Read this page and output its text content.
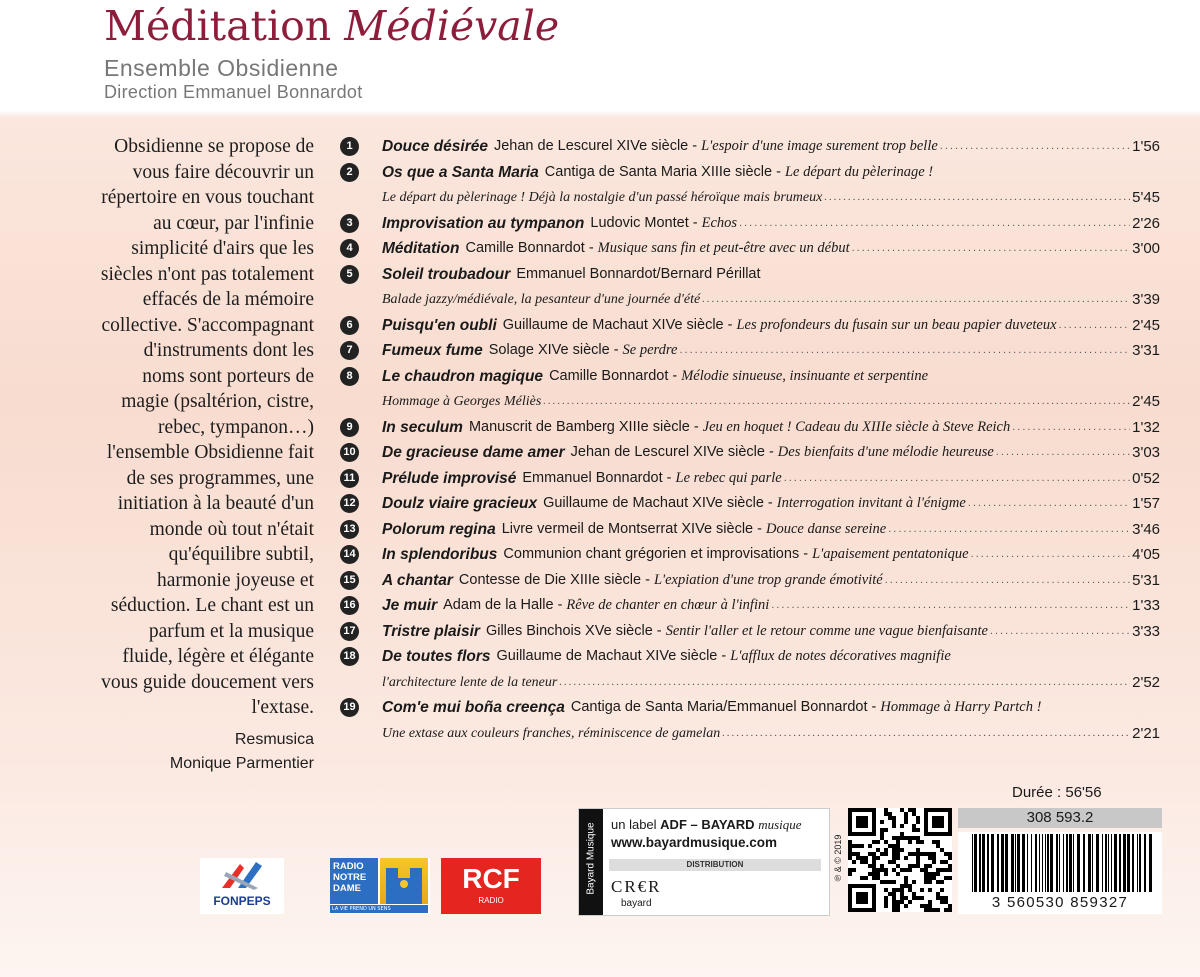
Méditation Médiévale
Ensemble Obsidienne
Direction Emmanuel Bonnardot

Obsidienne se propose de vous faire découvrir un répertoire en vous touchant au cœur, par l'infinie simplicité d'airs que les siècles n'ont pas totalement effacés de la mémoire collective. S'accompagnant d'instruments dont les noms sont porteurs de magie (psaltérion, cistre, rebec, tympanon…) l'ensemble Obsidienne fait de ses programmes, une initiation à la beauté d'un monde où tout n'était qu'équilibre subtil, harmonie joyeuse et séduction. Le chant est un parfum et la musique fluide, légère et élégante vous guide doucement vers l'extase.

Resmusica
Monique Parmentier
1	Douce désirée Jehan de Lescurel XIVe siècle - L'espoir d'une image surement trop belle .....	1'56
2	Os que a Santa Maria Cantiga de Santa Maria XIIIe siècle - Le départ du pèlerinage !
Le départ du pèlerinage ! Déjà la nostalgie d'un passé héroïque mais brumeux .....	5'45
3	Improvisation au tympanon Ludovic Montet - Echos .....	2'26
4	Méditation Camille Bonnardot - Musique sans fin et peut-être avec un début .....	3'00
5	Soleil troubadour Emmanuel Bonnardot/Bernard Périllat
Balade jazzy/médiévale, la pesanteur d'une journée d'été .....	3'39
6	Puisqu'en oubli Guillaume de Machaut XIVe siècle - Les profondeurs du fusain sur un beau papier duveteux .....	2'45
7	Fumeux fume Solage XIVe siècle - Se perdre .....	3'31
8	Le chaudron magique Camille Bonnardot - Mélodie sinueuse, insinuante et serpentine
Hommage à Georges Méliès .....	2'45
9	In seculum Manuscrit de Bamberg XIIIe siècle - Jeu en hoquet ! Cadeau du XIIIe siècle à Steve Reich .....	1'32
10 De gracieuse dame amer Jehan de Lescurel XIVe siècle - Des bienfaits d'une mélodie heureuse .....	3'03
11 Prélude improvisé Emmanuel Bonnardot - Le rebec qui parle .....	0'52
12 Doulz viaire gracieux Guillaume de Machaut XIVe siècle - Interrogation invitant à l'énigme .....	1'57
13 Polorum regina Livre vermeil de Montserrat XIVe siècle - Douce danse sereine .....	3'46
14 In splendoribus Communion chant grégorien et improvisations - L'apaisement pentatonique .....	4'05
15 A chantar Contesse de Die XIIIe siècle - L'expiation d'une trop grande émotivité .....	5'31
16 Je muir Adam de la Halle - Rêve de chanter en chœur à l'infini .....	1'33
17 Tristre plaisir Gilles Binchois XVe siècle - Sentir l'aller et le retour comme une vague bienfaisante .....	3'33
18 De toutes flors Guillaume de Machaut XIVe siècle - L'afflux de notes décoratives magnifie
l'architecture lente de la teneur .....	2'52
19 Com'e mui boña creença Cantiga de Santa Maria/Emmanuel Bonnardot - Hommage à Harry Partch !
Une extase aux couleurs franches, réminiscence de gamelan .....	2'21
Durée : 56'56
FONPEPS
RADIO NOTRE DAME
LA VIE PREND UN SENS
RCF
RADIO
Bayard Musique un label ADF – BAYARD musique
www.bayardmusique.com
DISTRIBUTION
CR€R
bayard
℗ & © 2019
308 593.2
3 560530 859327
